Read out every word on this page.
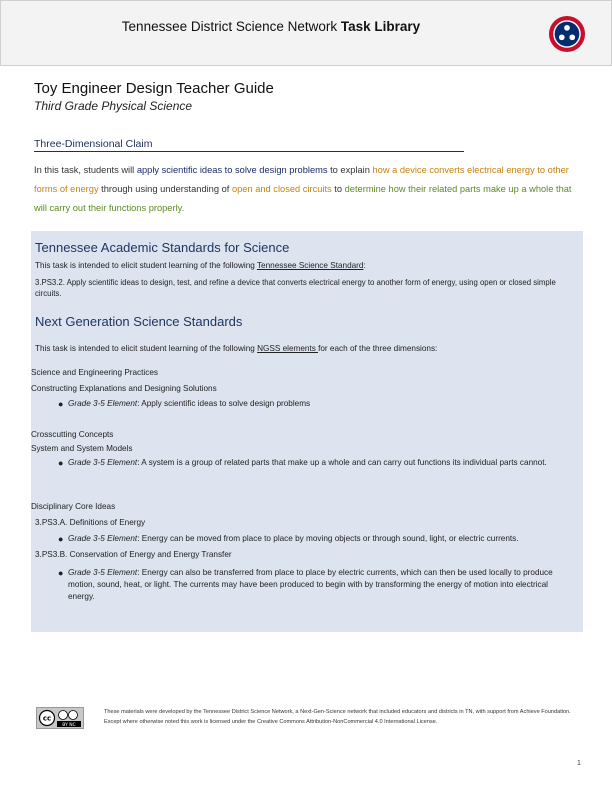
Tennessee District Science Network Task Library
Toy Engineer Design Teacher Guide
Third Grade Physical Science
Three-Dimensional Claim
In this task, students will apply scientific ideas to solve design problems to explain how a device converts electrical energy to other forms of energy through using understanding of open and closed circuits to determine how their related parts make up a whole that will carry out their functions properly.
Tennessee Academic Standards for Science
This task is intended to elicit student learning of the following Tennessee Science Standard:
3.PS3.2. Apply scientific ideas to design, test, and refine a device that converts electrical energy to another form of energy, using open or closed simple circuits.
Next Generation Science Standards
This task is intended to elicit student learning of the following NGSS elements for each of the three dimensions:
Science and Engineering Practices
Constructing Explanations and Designing Solutions
● Grade 3-5 Element: Apply scientific ideas to solve design problems
Crosscutting Concepts
System and System Models
● Grade 3-5 Element: A system is a group of related parts that make up a whole and can carry out functions its individual parts cannot.
Disciplinary Core Ideas
3.PS3.A. Definitions of Energy
● Grade 3-5 Element: Energy can be moved from place to place by moving objects or through sound, light, or electric currents.
3.PS3.B. Conservation of Energy and Energy Transfer
● Grade 3-5 Element: Energy can also be transferred from place to place by electric currents, which can then be used locally to produce motion, sound, heat, or light. The currents may have been produced to begin with by transforming the energy of motion into electrical energy.
cc
BY NC
These materials were developed by the Tennessee District Science Network, a Next-Gen-Science network that included educators and districts in TN, with support from Achieve Foundation. Except where otherwise noted this work is licensed under the Creative Commons Attribution-NonCommercial 4.0 International License.
1
